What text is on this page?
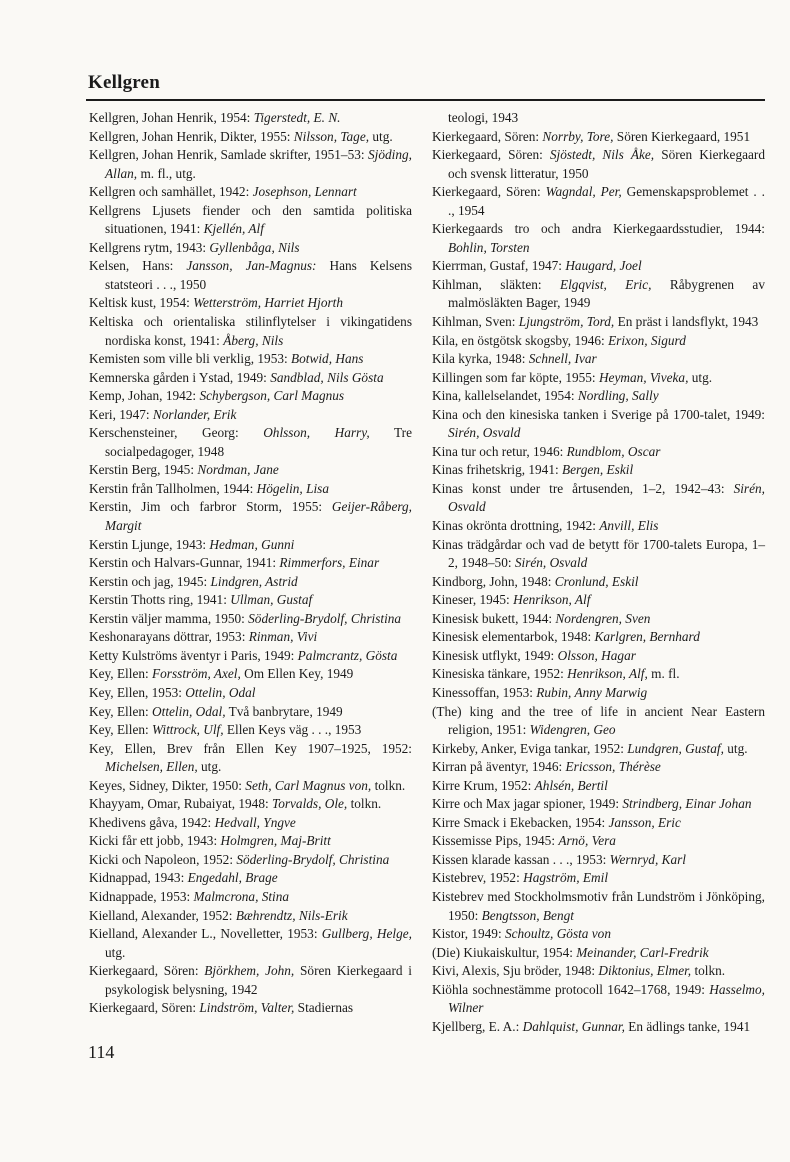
Kellgren
Kellgren, Johan Henrik, 1954: Tigerstedt, E. N.
Kellgren, Johan Henrik, Dikter, 1955: Nilsson, Tage, utg.
Kellgren, Johan Henrik, Samlade skrifter, 1951–53: Sjöding, Allan, m. fl., utg.
Kellgren och samhället, 1942: Josephson, Lennart
Kellgrens Ljusets fiender och den samtida politiska situationen, 1941: Kjellén, Alf
Kellgrens rytm, 1943: Gyllenbåga, Nils
Kelsen, Hans: Jansson, Jan-Magnus: Hans Kelsens statsteori . . ., 1950
Keltisk kust, 1954: Wetterström, Harriet Hjorth
Keltiska och orientaliska stilinflytelser i vikingatidens nordiska konst, 1941: Åberg, Nils
Kemisten som ville bli verklig, 1953: Botwid, Hans
Kemnerska gården i Ystad, 1949: Sandblad, Nils Gösta
Kemp, Johan, 1942: Schybergson, Carl Magnus
Keri, 1947: Norlander, Erik
Kerschensteiner, Georg: Ohlsson, Harry, Tre socialpedagoger, 1948
Kerstin Berg, 1945: Nordman, Jane
Kerstin från Tallholmen, 1944: Högelin, Lisa
Kerstin, Jim och farbror Storm, 1955: Geijer-Råberg, Margit
Kerstin Ljunge, 1943: Hedman, Gunni
Kerstin och Halvars-Gunnar, 1941: Rimmerfors, Einar
Kerstin och jag, 1945: Lindgren, Astrid
Kerstin Thotts ring, 1941: Ullman, Gustaf
Kerstin väljer mamma, 1950: Söderling-Brydolf, Christina
Keshonarayans döttrar, 1953: Rinman, Vivi
Ketty Kulströms äventyr i Paris, 1949: Palmcrantz, Gösta
Key, Ellen: Forsström, Axel, Om Ellen Key, 1949
Key, Ellen, 1953: Ottelin, Odal
Key, Ellen: Ottelin, Odal, Två banbrytare, 1949
Key, Ellen: Wittrock, Ulf, Ellen Keys väg . . ., 1953
Key, Ellen, Brev från Ellen Key 1907–1925, 1952: Michelsen, Ellen, utg.
Keyes, Sidney, Dikter, 1950: Seth, Carl Magnus von, tolkn.
Khayyam, Omar, Rubaiyat, 1948: Torvalds, Ole, tolkn.
Khedivens gåva, 1942: Hedvall, Yngve
Kicki får ett jobb, 1943: Holmgren, Maj-Britt
Kicki och Napoleon, 1952: Söderling-Brydolf, Christina
Kidnappad, 1943: Engedahl, Brage
Kidnappade, 1953: Malmcrona, Stina
Kielland, Alexander, 1952: Bæhrendtz, Nils-Erik
Kielland, Alexander L., Novelletter, 1953: Gullberg, Helge, utg.
Kierkegaard, Sören: Björkhem, John, Sören Kierkegaard i psykologisk belysning, 1942
Kierkegaard, Sören: Lindström, Valter, Stadiernas
teologi, 1943
Kierkegaard, Sören: Norrby, Tore, Sören Kierkegaard, 1951
Kierkegaard, Sören: Sjöstedt, Nils Åke, Sören Kierkegaard och svensk litteratur, 1950
Kierkegaard, Sören: Wagndal, Per, Gemenskapsproblemet . . ., 1954
Kierkegaards tro och andra Kierkegaardsstudier, 1944: Bohlin, Torsten
Kierrman, Gustaf, 1947: Haugard, Joel
Kihlman, släkten: Elgqvist, Eric, Råbygrenen av malmösläkten Bager, 1949
Kihlman, Sven: Ljungström, Tord, En präst i landsflykt, 1943
Kila, en östgötsk skogsby, 1946: Erixon, Sigurd
Kila kyrka, 1948: Schnell, Ivar
Killingen som far köpte, 1955: Heyman, Viveka, utg.
Kina, kallelselandet, 1954: Nordling, Sally
Kina och den kinesiska tanken i Sverige på 1700-talet, 1949: Sirén, Osvald
Kina tur och retur, 1946: Rundblom, Oscar
Kinas frihetskrig, 1941: Bergen, Eskil
Kinas konst under tre årtusenden, 1–2, 1942–43: Sirén, Osvald
Kinas okrönta drottning, 1942: Anvill, Elis
Kinas trädgårdar och vad de betytt för 1700-talets Europa, 1–2, 1948–50: Sirén, Osvald
Kindborg, John, 1948: Cronlund, Eskil
Kineser, 1945: Henrikson, Alf
Kinesisk bukett, 1944: Nordengren, Sven
Kinesisk elementarbok, 1948: Karlgren, Bernhard
Kinesisk utflykt, 1949: Olsson, Hagar
Kinesiska tänkare, 1952: Henrikson, Alf, m. fl.
Kinessoffan, 1953: Rubin, Anny Marwig
(The) king and the tree of life in ancient Near Eastern religion, 1951: Widengren, Geo
Kirkeby, Anker, Eviga tankar, 1952: Lundgren, Gustaf, utg.
Kirran på äventyr, 1946: Ericsson, Thérèse
Kirre Krum, 1952: Ahlsén, Bertil
Kirre och Max jagar spioner, 1949: Strindberg, Einar Johan
Kirre Smack i Ekebacken, 1954: Jansson, Eric
Kissemisse Pips, 1945: Arnö, Vera
Kissen klarade kassan . . ., 1953: Wernryd, Karl
Kistebrev, 1952: Hagström, Emil
Kistebrev med Stockholmsmotiv från Lundström i Jönköping, 1950: Bengtsson, Bengt
Kistor, 1949: Schoultz, Gösta von
(Die) Kiukaiskultur, 1954: Meinander, Carl-Fredrik
Kivi, Alexis, Sju bröder, 1948: Diktonius, Elmer, tolkn.
Kiöhla sochnestämme protocoll 1642–1768, 1949: Hasselmo, Wilner
Kjellberg, E. A.: Dahlquist, Gunnar, En ädlings tanke, 1941
114
